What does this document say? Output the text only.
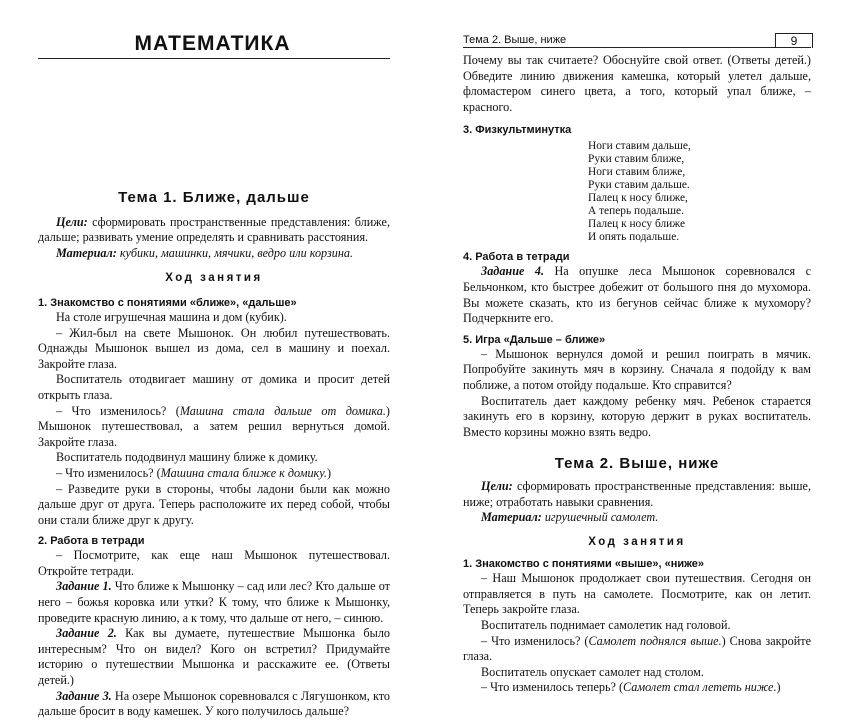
МАТЕМАТИКА
Тема 1. Ближе, дальше

Цели: сформировать пространственные представления: ближе, дальше; развивать умение определять и сравнивать расстояния.

Материал: кубики, машинки, мячики, ведро или корзина.

Ход занятия
1. Знакомство с понятиями «ближе», «дальше»

На столе игрушечная машина и дом (кубик).

– Жил-был на свете Мышонок. Он любил путешествовать. Однажды Мышонок вышел из дома, сел в машину и поехал. Закройте глаза.

Воспитатель отодвигает машину от домика и просит детей открыть глаза.

– Что изменилось? (Машина стала дальше от домика.) Мышонок путешествовал, а затем решил вернуться домой. Закройте глаза.

Воспитатель пододвинул машину ближе к домику.

– Что изменилось? (Машина стала ближе к домику.)

– Разведите руки в стороны, чтобы ладони были как можно дальше друг от друга. Теперь расположите их перед собой, чтобы они стали ближе друг к другу.

2. Работа в тетради

– Посмотрите, как еще наш Мышонок путешествовал. Откройте тетради.

Задание 1. Что ближе к Мышонку – сад или лес? Кто дальше от него – божья коровка или утки? К тому, что ближе к Мышонку, проведите красную линию, а к тому, что дальше от него, – синюю.

Задание 2. Как вы думаете, путешествие Мышонка было интересным? Что он видел? Кого он встретил? Придумайте историю о путешествии Мышонка и расскажите ее. (Ответы детей.)

Задание 3. На озере Мышонок соревновался с Лягушонком, кто дальше бросит в воду камешек. У кого получилось дальше?

Тема 2. Выше, ниже	9

Почему вы так считаете? Обоснуйте свой ответ. (Ответы детей.) Обведите линию движения камешка, который улетел дальше, фломастером синего цвета, а того, который упал ближе, – красного.

3. Физкультминутка
Ноги ставим дальше,
Руки ставим ближе,
Ноги ставим ближе,
Руки ставим дальше.
Палец к носу ближе,
А теперь подальше.
Палец к носу ближе
И опять подальше.
4. Работа в тетради

Задание 4. На опушке леса Мышонок соревновался с Бельчонком, кто быстрее добежит от большого пня до мухомора. Вы можете сказать, кто из бегунов сейчас ближе к мухомору? Подчеркните его.

5. Игра «Дальше – ближе»

– Мышонок вернулся домой и решил поиграть в мячик. Попробуйте закинуть мяч в корзину. Сначала я подойду к вам поближе, а потом отойду подальше. Кто справится?

Воспитатель дает каждому ребенку мяч. Ребенок старается закинуть его в корзину, которую держит в руках воспитатель. Вместо корзины можно взять ведро.

Тема 2. Выше, ниже

Цели: сформировать пространственные представления: выше, ниже; отработать навыки сравнения.

Материал: игрушечный самолет.

Ход занятия
1. Знакомство с понятиями «выше», «ниже»

– Наш Мышонок продолжает свои путешествия. Сегодня он отправляется в путь на самолете. Посмотрите, как он летит. Теперь закройте глаза.

Воспитатель поднимает самолетик над головой.

– Что изменилось? (Самолет поднялся выше.) Снова закройте глаза.

Воспитатель опускает самолет над столом.

– Что изменилось теперь? (Самолет стал лететь ниже.)
